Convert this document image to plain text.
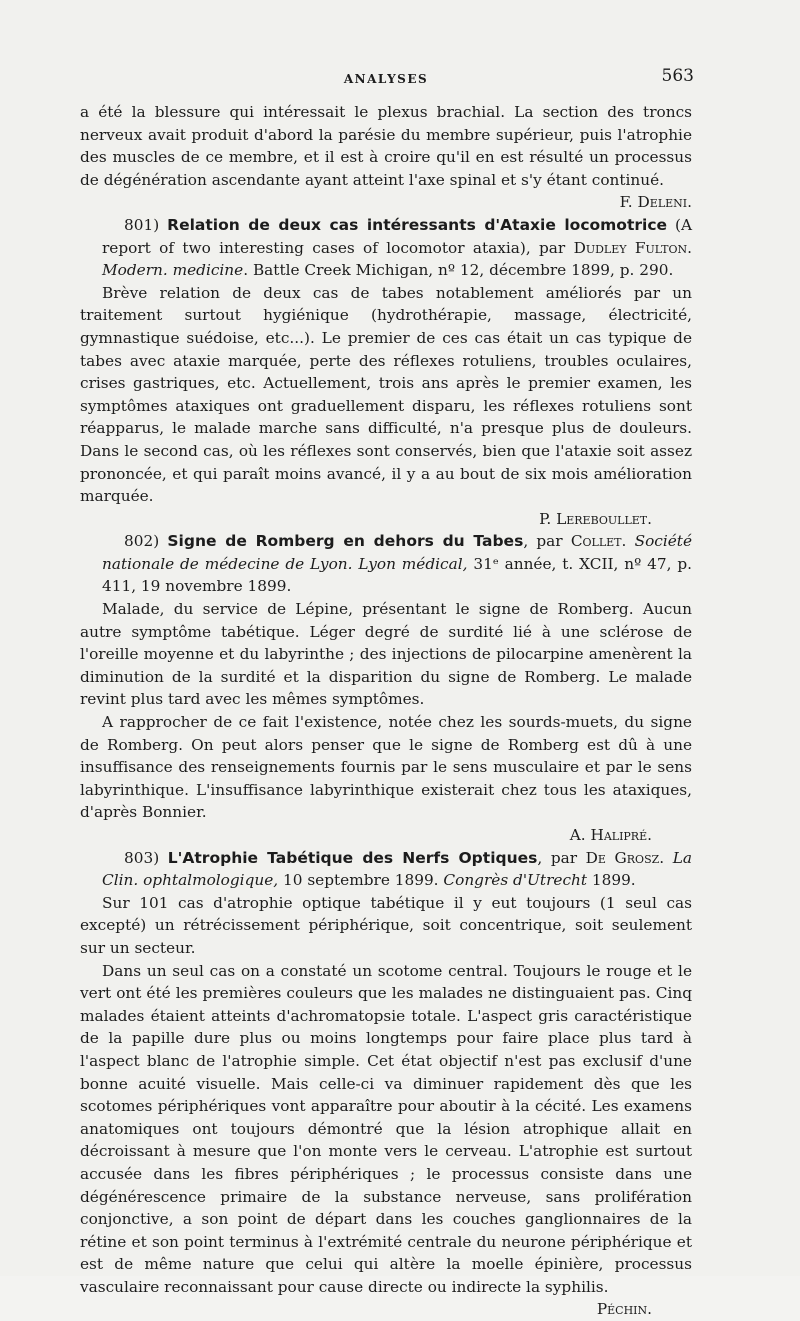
ANALYSES	563

a été la blessure qui intéressait le plexus brachial. La section des troncs nerveux avait produit d'abord la parésie du membre supérieur, puis l'atrophie des muscles de ce membre, et il est à croire qu'il en est résulté un processus de dégénération ascendante ayant atteint l'axe spinal et s'y étant continué.
F. Deleni.

801) Relation de deux cas intéressants d'Ataxie locomotrice (A report of two interesting cases of locomotor ataxia), par Dudley Fulton. Modern. medicine. Battle Creek Michigan, nº 12, décembre 1899, p. 290.

Brève relation de deux cas de tabes notablement améliorés par un traitement surtout hygiénique (hydrothérapie, massage, électricité, gymnastique suédoise, etc...). Le premier de ces cas était un cas typique de tabes avec ataxie marquée, perte des réflexes rotuliens, troubles oculaires, crises gastriques, etc. Actuellement, trois ans après le premier examen, les symptômes ataxiques ont graduellement disparu, les réflexes rotuliens sont réapparus, le malade marche sans difficulté, n'a presque plus de douleurs. Dans le second cas, où les réflexes sont conservés, bien que l'ataxie soit assez prononcée, et qui paraît moins avancé, il y a au bout de six mois amélioration marquée.

P. Lereboullet.

802) Signe de Romberg en dehors du Tabes, par Collet. Société nationale de médecine de Lyon. Lyon médical, 31ᵉ année, t. XCII, nº 47, p. 411, 19 novembre 1899.

Malade, du service de Lépine, présentant le signe de Romberg. Aucun autre symptôme tabétique. Léger degré de surdité lié à une sclérose de l'oreille moyenne et du labyrinthe ; des injections de pilocarpine amenèrent la diminution de la surdité et la disparition du signe de Romberg. Le malade revint plus tard avec les mêmes symptômes.

A rapprocher de ce fait l'existence, notée chez les sourds-muets, du signe de Romberg. On peut alors penser que le signe de Romberg est dû à une insuffisance des renseignements fournis par le sens musculaire et par le sens labyrinthique. L'insuffisance labyrinthique existerait chez tous les ataxiques, d'après Bonnier.

A. Halipré.

803) L'Atrophie Tabétique des Nerfs Optiques, par De Grosz. La Clin. ophtalmologique, 10 septembre 1899. Congrès d'Utrecht 1899.

Sur 101 cas d'atrophie optique tabétique il y eut toujours (1 seul cas excepté) un rétrécissement périphérique, soit concentrique, soit seulement sur un secteur.

Dans un seul cas on a constaté un scotome central. Toujours le rouge et le vert ont été les premières couleurs que les malades ne distinguaient pas. Cinq malades étaient atteints d'achromatopsie totale. L'aspect gris caractéristique de la papille dure plus ou moins longtemps pour faire place plus tard à l'aspect blanc de l'atrophie simple. Cet état objectif n'est pas exclusif d'une bonne acuité visuelle. Mais celle-ci va diminuer rapidement dès que les scotomes périphériques vont apparaître pour aboutir à la cécité. Les examens anatomiques ont toujours démontré que la lésion atrophique allait en décroissant à mesure que l'on monte vers le cerveau. L'atrophie est surtout accusée dans les fibres périphériques ; le processus consiste dans une dégénérescence primaire de la substance nerveuse, sans prolifération conjonctive, a son point de départ dans les couches ganglionnaires de la rétine et son point terminus à l'extrémité centrale du neurone périphérique et est de même nature que celui qui altère la moelle épinière, processus vasculaire reconnaissant pour cause directe ou indirecte la syphilis.

Péchin.
